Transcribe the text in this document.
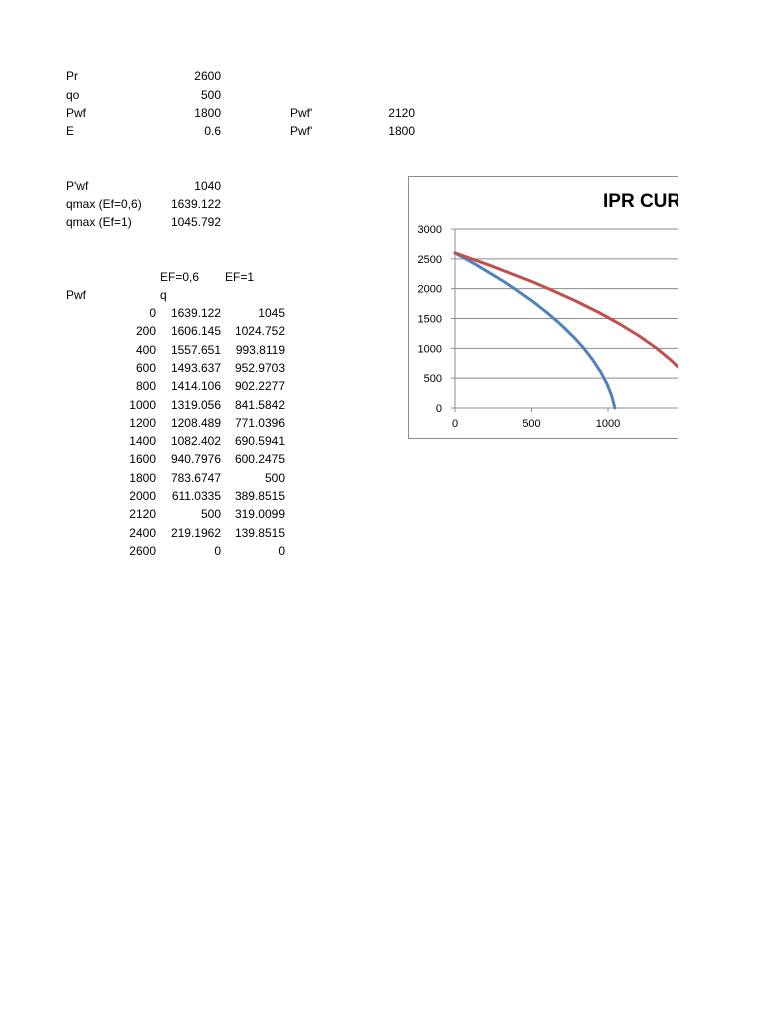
Pr	2600
qo	500
Pwf	1800
E	0.6
Pwf'	2120
Pwf'	1800
P'wf	1040
qmax (Ef=0,6)	1639.122
qmax (Ef=1)	1045.792
EF=0,6 EF=1
Pwf	q
0	1639.122	1045
200	1606.145	1024.752
400	1557.651	993.8119
600	1493.637	952.9703
800	1414.106	902.2277
1000	1319.056	841.5842
1200	1208.489	771.0396
1400	1082.402	690.5941
1600	940.7976	600.2475
1800	783.6747	500
2000	611.0335	389.8515
2120	500	319.0099
2400	219.1962	139.8515
2600	0	0
IPR CUR
0
500
1000
1500
2000
2500
3000
0	500	1000	1
